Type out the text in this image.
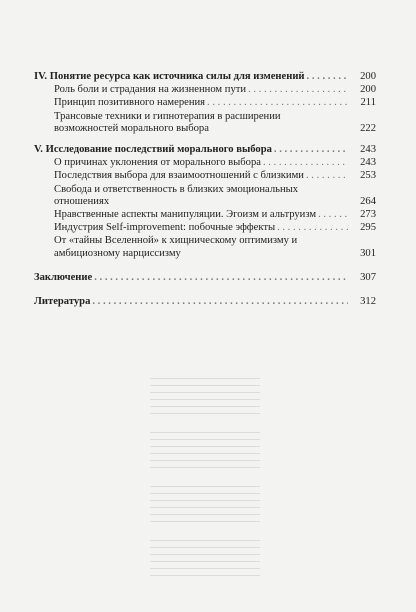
IV. Понятие ресурса как источника силы для изменений . . .	200
Роль боли и страдания на жизненном пути . . .	200
Принцип позитивного намерения . . .	211
Трансовые техники и гипнотерапия в расширении возможностей морального выбора	222
V. Исследование последствий морального выбора . . .	243
О причинах уклонения от морального выбора . . .	243
Последствия выбора для взаимоотношений с близкими . . .	253
Свобода и ответственность в близких эмоциональных отношениях	264
Нравственные аспекты манипуляции. Эгоизм и альтруизм . . .	273
Индустрия Self-improvement: побочные эффекты . . .	295
От «тайны Вселенной» к хищническому оптимизму и амбициозному нарциссизму	301
Заключение . . .	307
Литература . . .	312
